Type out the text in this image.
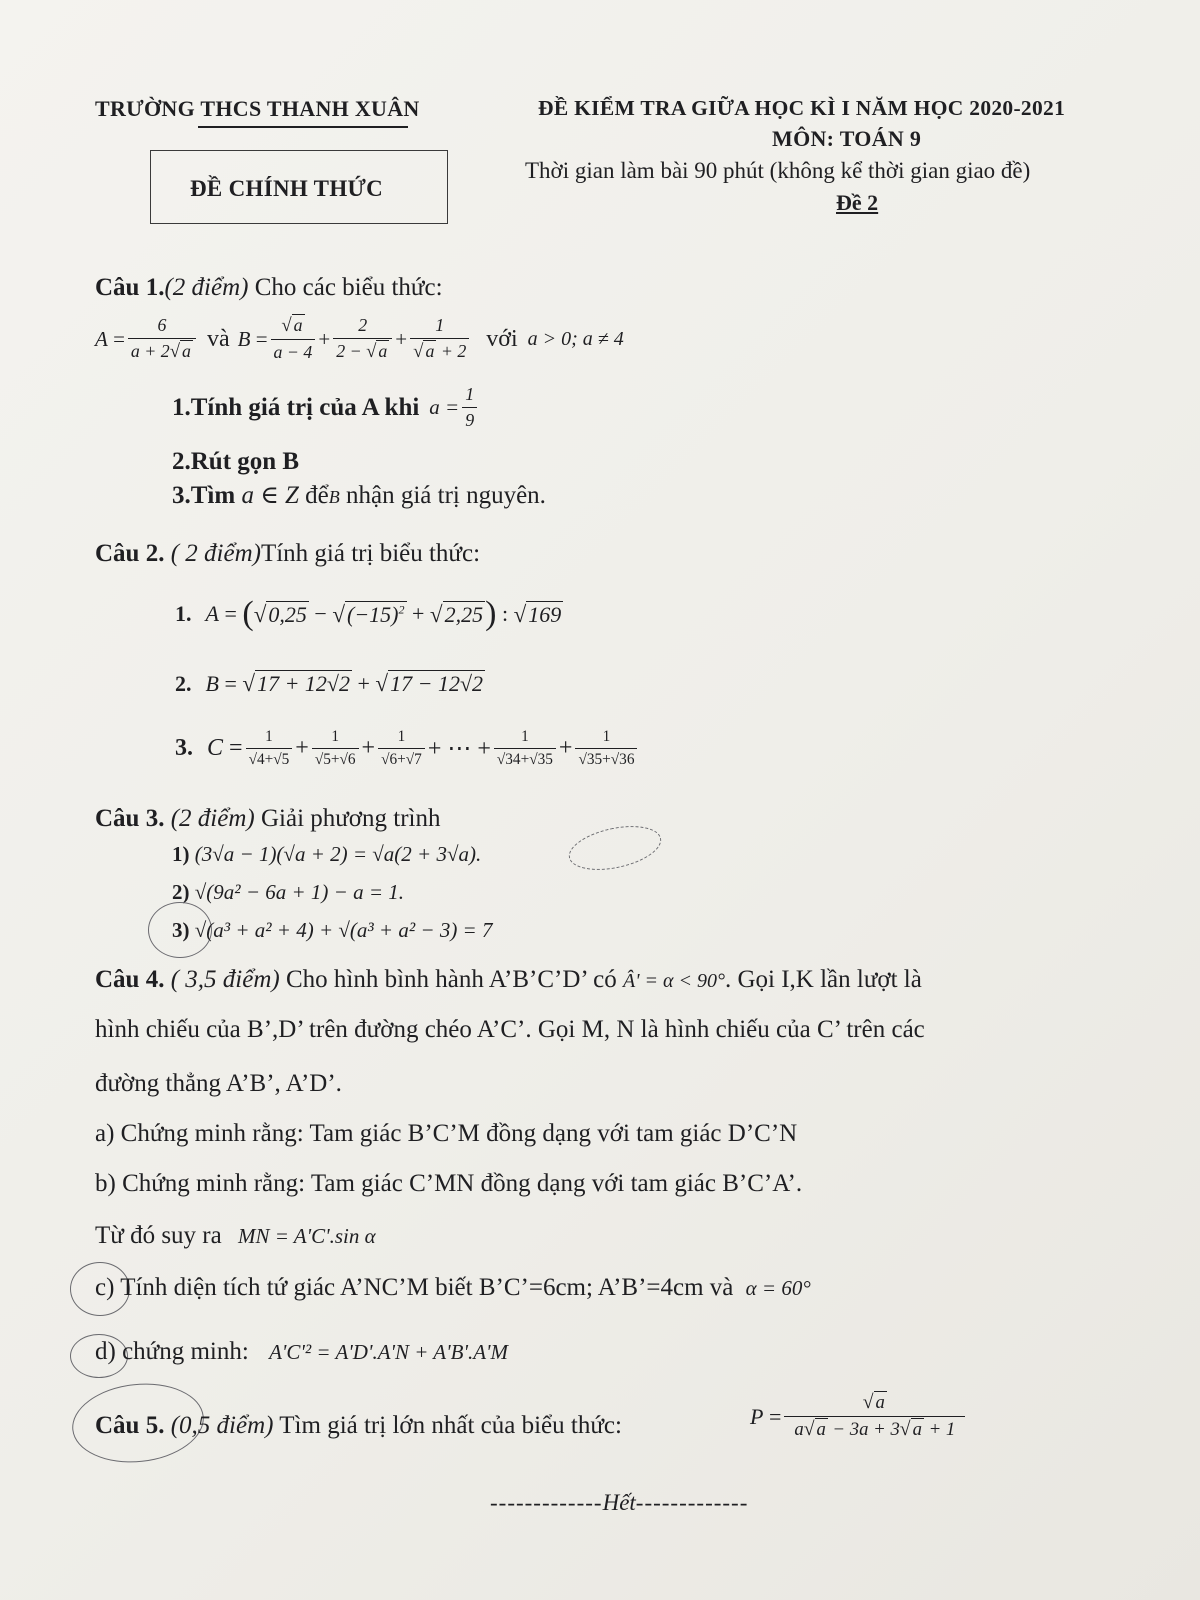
TRƯỜNG THCS THANH XUÂN	ĐỀ KIỂM TRA GIỮA HỌC KÌ I NĂM HỌC 2020-2021
MÔN: TOÁN 9
ĐỀ CHÍNH THỨC
Thời gian làm bài 90 phút (không kể thời gian giao đề)
Đề 2
Câu 1.(2 điểm) Cho các biểu thức:
$A = \frac{6}{a + 2√ a}$ và $B = \frac{√ a}{a - 4} + \frac{2}{2 - √ a} + \frac{1}{√ a + 2}$ với a > 0; a ≠ 4
1.Tính giá trị của A khi $a = \frac{1}{9}$
2.Rút gọn B
3.Tìm a ∈ Z đểB nhận giá trị nguyên.
Câu 2. ( 2 điểm)Tính giá trị biểu thức:
1. A = ( $√0,25 - √(-15)^2 + √2,25$ ) : √169
2. B = √17 + 12√2 + √17 − 12√2
3. $C = \frac{1}{√4+√5} + \frac{1}{√5+√6} + \frac{1}{√6+√7}$ + ⋯ + $\frac{1}{√34+√35} + \frac{1}{√35+√36}$
Câu 3. (2 điểm) Giải phương trình
1) (3√a − 1)(√a + 2) = √a(2 + 3√a).
2) √(9a² − 6a + 1) − a = 1.
3) √(a³ + a² + 4) + √(a³ + a² − 3) = 7
Câu 4. ( 3,5 điểm) Cho hình bình hành A’B’C’D’ có Â' = α < 90°. Gọi I,K lần lượt là
hình chiếu của B’,D’ trên đường chéo A’C’. Gọi M, N là hình chiếu của C’ trên các
đường thẳng A’B’, A’D’.
a) Chứng minh rằng: Tam giác B’C’M đồng dạng với tam giác D’C’N
b) Chứng minh rằng: Tam giác C’MN đồng dạng với tam giác B’C’A’.
Từ đó suy ra MN = A'C'.sin α
c) Tính diện tích tứ giác A’NC’M biết B’C’=6cm; A’B’=4cm và α = 60°
d) chứng minh: A'C'² = A'D'.A'N + A'B'.A'M
Câu 5. (0,5 điểm) Tìm giá trị lớn nhất của biểu thức:	$P = \frac{√ a}{a√ a - 3a + 3√ a + 1}$
------------- Hết -------------
